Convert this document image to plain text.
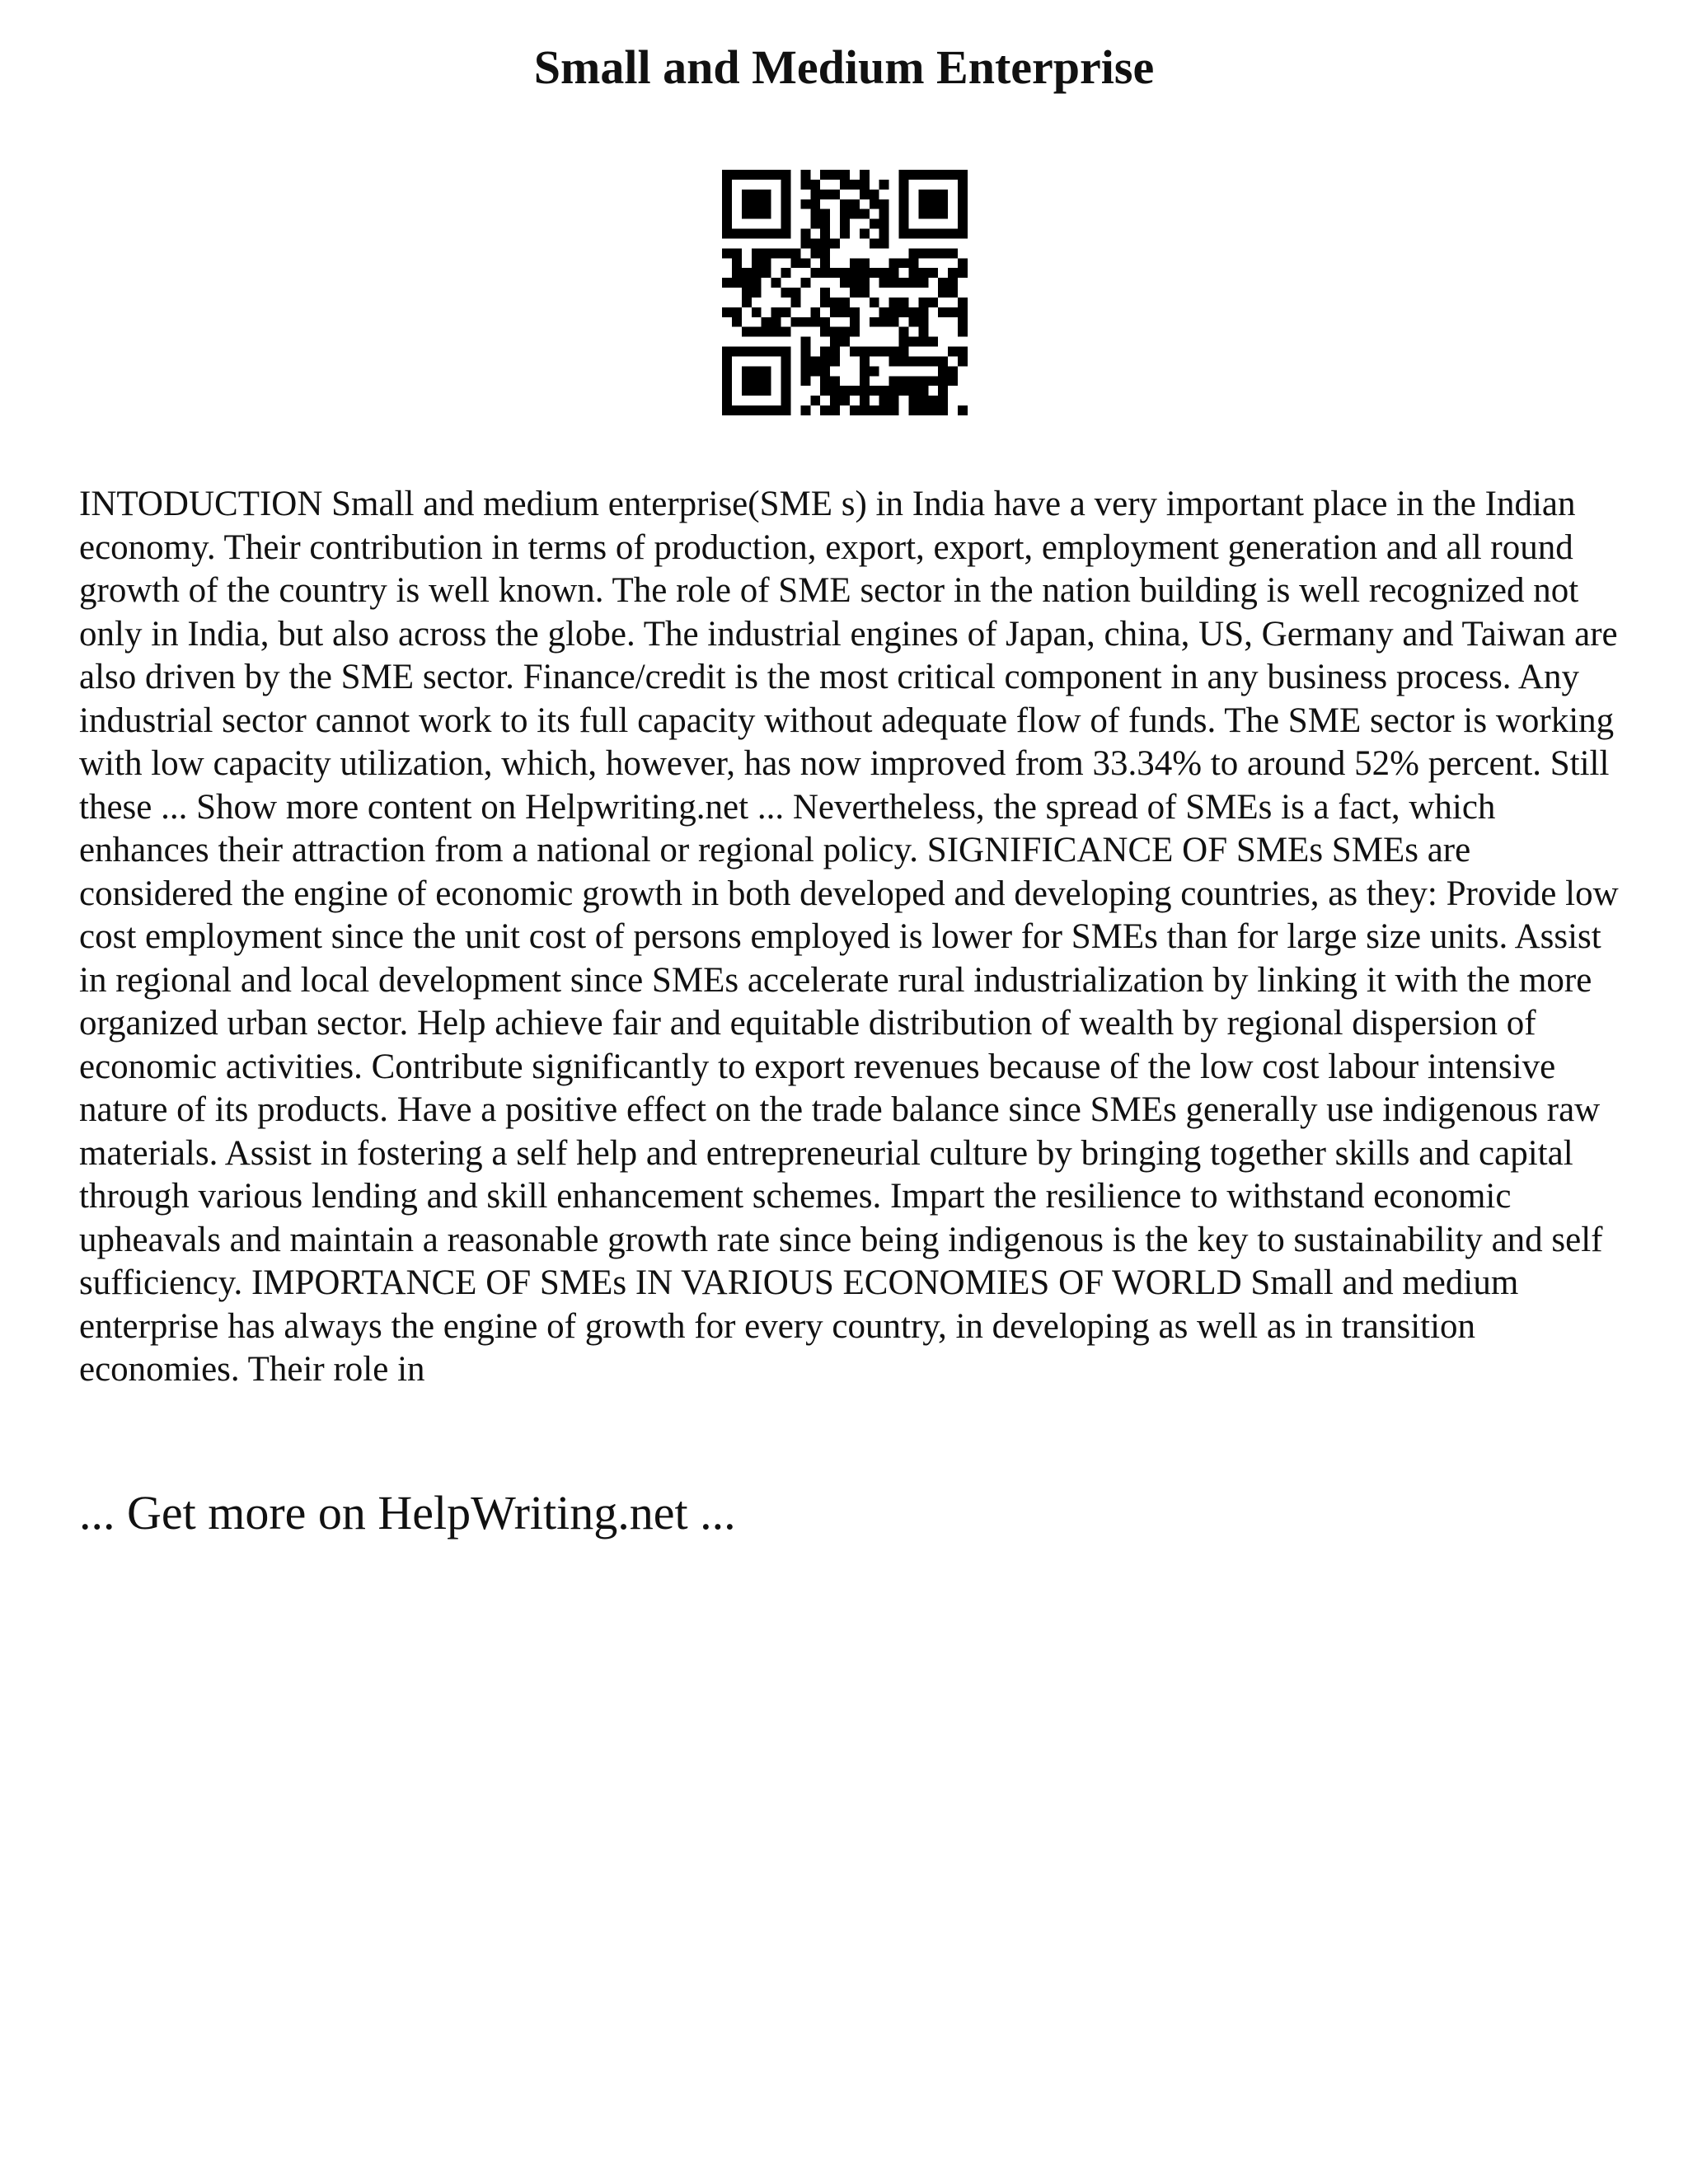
Small and Medium Enterprise

INTODUCTION Small and medium enterprise(SME s) in India have a very important place in the Indian economy. Their contribution in terms of production, export, export, employment generation and all round growth of the country is well known. The role of SME sector in the nation building is well recognized not only in India, but also across the globe. The industrial engines of Japan, china, US, Germany and Taiwan are also driven by the SME sector. Finance/credit is the most critical component in any business process. Any industrial sector cannot work to its full capacity without adequate flow of funds. The SME sector is working with low capacity utilization, which, however, has now improved from 33.34% to around 52% percent. Still these ... Show more content on Helpwriting.net ... Nevertheless, the spread of SMEs is a fact, which enhances their attraction from a national or regional policy. SIGNIFICANCE OF SMEs SMEs are considered the engine of economic growth in both developed and developing countries, as they: Provide low cost employment since the unit cost of persons employed is lower for SMEs than for large size units. Assist in regional and local development since SMEs accelerate rural industrialization by linking it with the more organized urban sector. Help achieve fair and equitable distribution of wealth by regional dispersion of economic activities. Contribute significantly to export revenues because of the low cost labour intensive nature of its products. Have a positive effect on the trade balance since SMEs generally use indigenous raw materials. Assist in fostering a self help and entrepreneurial culture by bringing together skills and capital through various lending and skill enhancement schemes. Impart the resilience to withstand economic upheavals and maintain a reasonable growth rate since being indigenous is the key to sustainability and self sufficiency. IMPORTANCE OF SMEs IN VARIOUS ECONOMIES OF WORLD Small and medium enterprise has always the engine of growth for every country, in developing as well as in transition economies. Their role in

... Get more on HelpWriting.net ...
